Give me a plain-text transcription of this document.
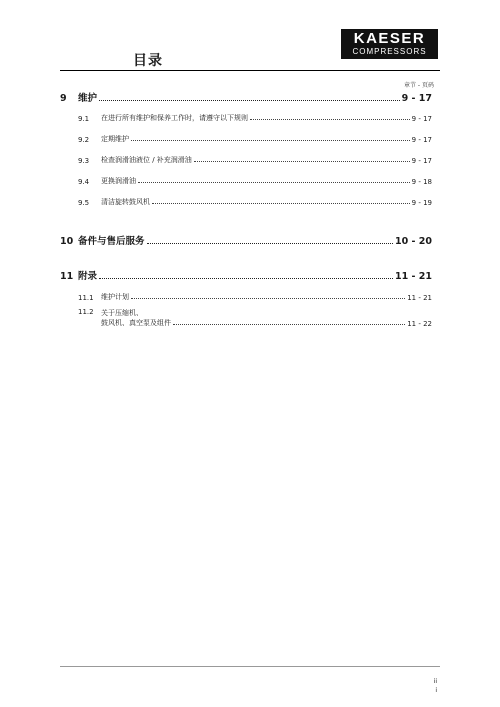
目录
KAESER
COMPRESSORS
章节 - 页码
9	维护	9 - 17
9.1	在进行所有维护和保养工作时，请遵守以下规则	9 - 17
9.2	定期维护	9 - 17
9.3	检查润滑油液位 / 补充润滑油	9 - 17
9.4	更换润滑油	9 - 18
9.5	清洁旋转鼓风机	9 - 19
10 备件与售后服务	10 - 20
11 附录	11 - 21
11.1	维护计划	11 - 21
11.2	关于压缩机、
鼓风机、真空泵及组件	11 - 22
ii
i
